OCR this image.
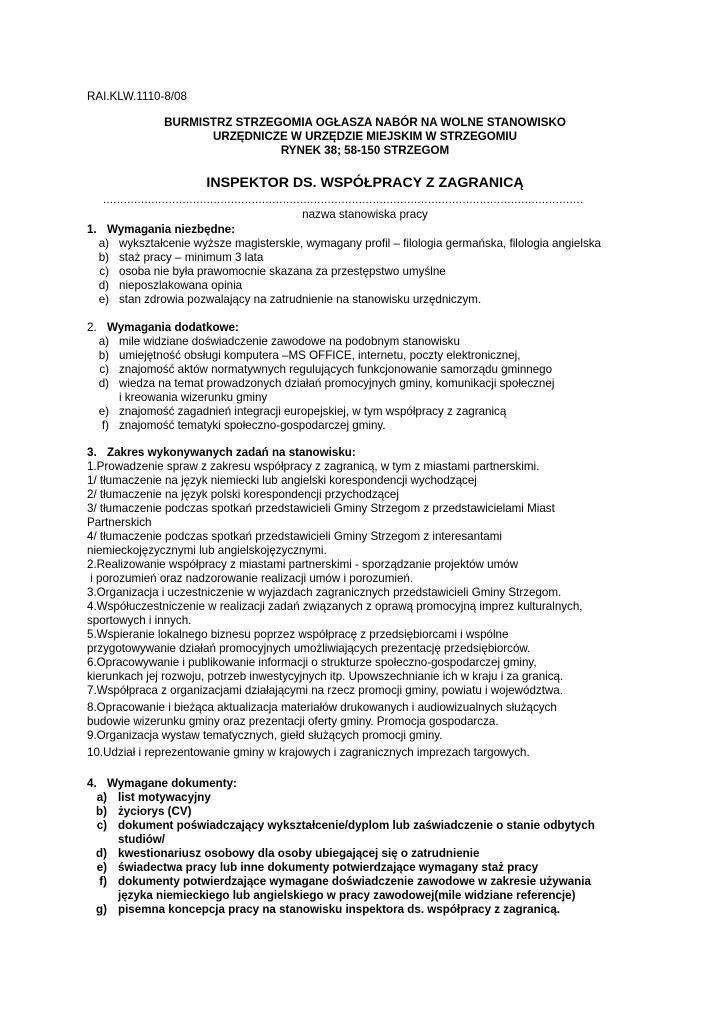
RAI.KLW.1110-8/08
BURMISTRZ STRZEGOMIA OGŁASZA NABÓR NA WOLNE STANOWISKO
URZĘDNICZE W URZĘDZIE MIEJSKIM W STRZEGOMIU
RYNEK 38; 58-150 STRZEGOM
INSPEKTOR DS. WSPÓŁPRACY Z ZAGRANICĄ
...........................................................................................................................................
nazwa stanowiska pracy
1. Wymagania niezbędne:
a) wykształcenie wyższe magisterskie, wymagany profil – filologia germańska, filologia angielska
b) staż pracy – minimum 3 lata
c) osoba nie była prawomocnie skazana za przestępstwo umyślne
d) nieposzlakowana opinia
e) stan zdrowia pozwalający na zatrudnienie na stanowisku urzędniczym.
2. Wymagania dodatkowe:
a) mile widziane doświadczenie zawodowe na podobnym stanowisku
b) umiejętność obsługi komputera –MS OFFICE, internetu, poczty elektronicznej,
c) znajomość aktów normatywnych regulujących funkcjonowanie samorządu gminnego
d) wiedza na temat prowadzonych działań promocyjnych gminy, komunikacji społecznej
i kreowania wizerunku gminy
e) znajomość zagadnień integracji europejskiej, w tym współpracy z zagranicą
f) znajomość tematyki społeczno-gospodarczej gminy.
3. Zakres wykonywanych zadań na stanowisku:
1.Prowadzenie spraw z zakresu współpracy z zagranicą, w tym z miastami partnerskimi.
1/ tłumaczenie na język niemiecki lub angielski korespondencji wychodzącej
2/ tłumaczenie na język polski korespondencji przychodzącej
3/ tłumaczenie podczas spotkań przedstawicieli Gminy Strzegom z przedstawicielami Miast
Partnerskich
4/ tłumaczenie podczas spotkań przedstawicieli Gminy Strzegom z interesantami
niemieckojęzycznymi lub angielskojęzycznymi.
2.Realizowanie współpracy z miastami partnerskimi - sporządzanie projektów umów
i porozumień oraz nadzorowanie realizacji umów i porozumień.
3.Organizacja i uczestniczenie w wyjazdach zagranicznych przedstawicieli Gminy Strzegom.
4.Współuczestniczenie w realizacji zadań związanych z oprawą promocyjną imprez kulturalnych,
sportowych i innych.
5.Wspieranie lokalnego biznesu poprzez współpracę z przedsiębiorcami i wspólne
przygotowywanie działań promocyjnych umożliwiających prezentację przedsiębiorców.
6.Opracowywanie i publikowanie informacji o strukturze społeczno-gospodarczej gminy,
kierunkach jej rozwoju, potrzeb inwestycyjnych itp. Upowszechnianie ich w kraju i za granicą.
7.Współpraca z organizacjami działającymi na rzecz promocji gminy, powiatu i województwa.
8.Opracowanie i bieżąca aktualizacja materiałów drukowanych i audiowizualnych służących
budowie wizerunku gminy oraz prezentacji oferty gminy. Promocja gospodarcza.
9.Organizacja wystaw tematycznych, giełd służących promocji gminy.
10.Udział i reprezentowanie gminy w krajowych i zagranicznych imprezach targowych.
4. Wymagane dokumenty:
a) list motywacyjny
b) życiorys (CV)
c) dokument poświadczający wykształcenie/dyplom lub zaświadczenie o stanie odbytych
studiów/
d) kwestionariusz osobowy dla osoby ubiegającej się o zatrudnienie
e) świadectwa pracy lub inne dokumenty potwierdzające wymagany staż pracy
f) dokumenty potwierdzające wymagane doświadczenie zawodowe w zakresie używania
języka niemieckiego lub angielskiego w pracy zawodowej(mile widziane referencje)
g) pisemna koncepcja pracy na stanowisku inspektora ds. współpracy z zagranicą.
